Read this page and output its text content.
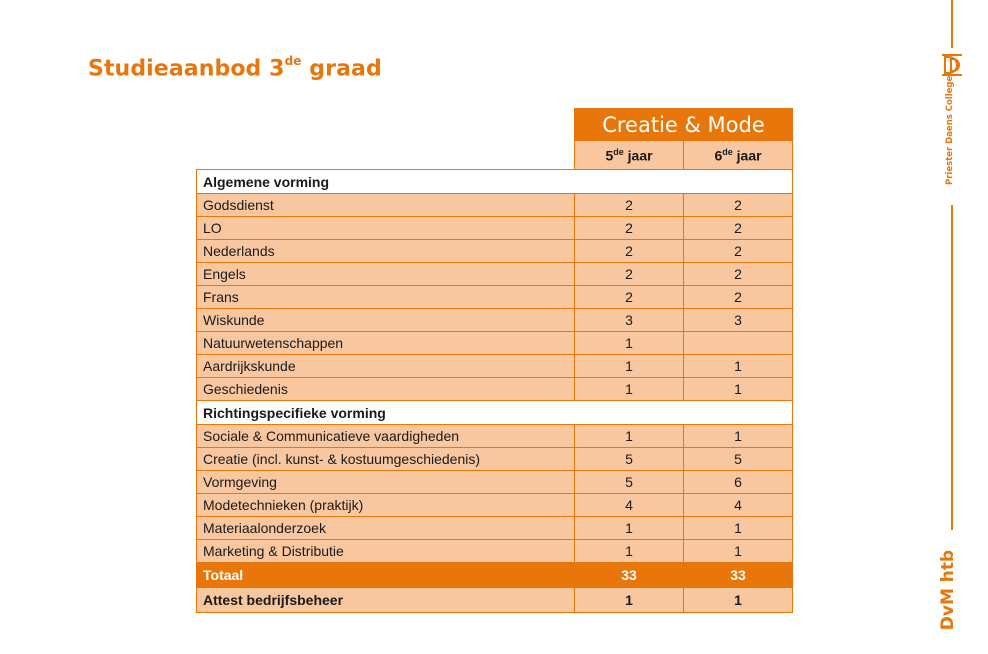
Studieaanbod 3de graad
Priester Daens College
DvM htb
	Creatie & Mode	
	5de jaar	6de jaar
Algemene vorming		
Godsdienst	2	2
LO	2	2
Nederlands	2	2
Engels	2	2
Frans	2	2
Wiskunde	3	3
Natuurwetenschappen	1	
Aardrijkskunde	1	1
Geschiedenis	1	1
Richtingspecifieke vorming		
Sociale & Communicatieve vaardigheden	1	1
Creatie (incl. kunst- & kostuumgeschiedenis)	5	5
Vormgeving	5	6
Modetechnieken (praktijk)	4	4
Materiaalonderzoek	1	1
Marketing & Distributie	1	1
Totaal	33	33
Attest bedrijfsbeheer	1	1
